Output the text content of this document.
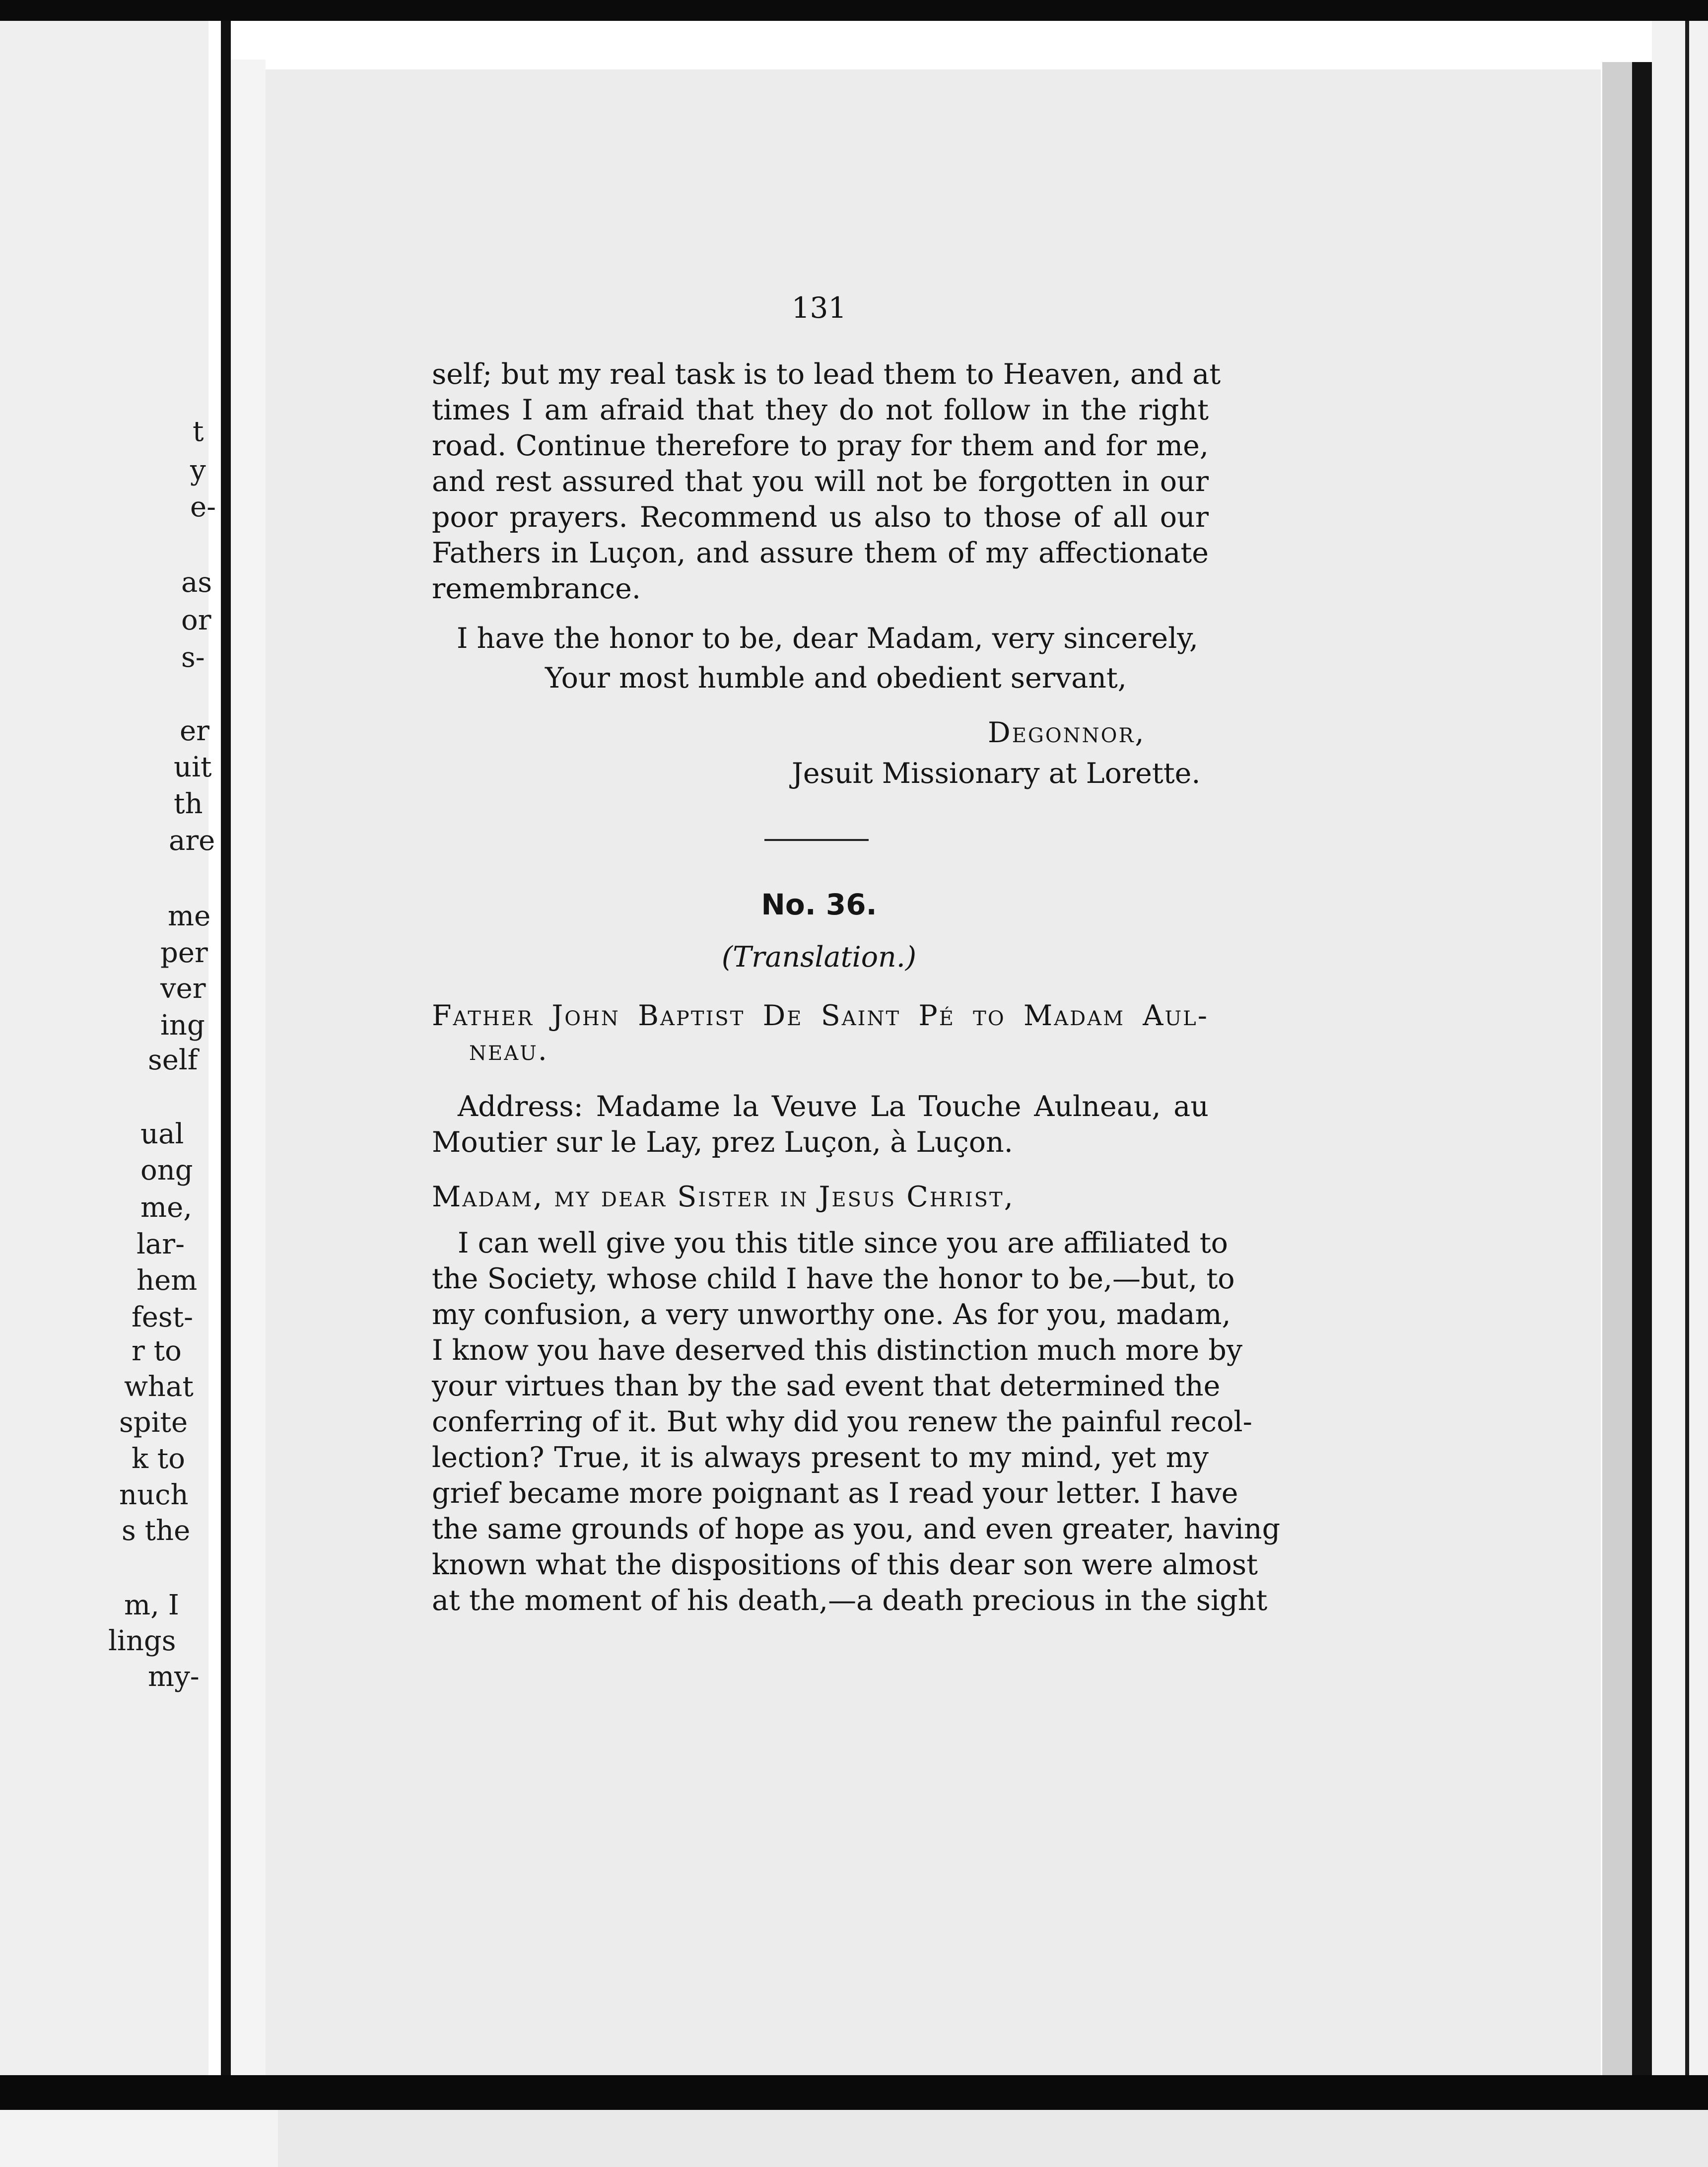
t
y
e-
as
or
s-
er
uit
th
are
me
per
ver
ing
self
ual
ong
me,
lar-
hem
fest-
r to
what
spite
k to
nuch
s the
m, I
lings
my-
131
self; but my real task is to lead them to Heaven, and at
times I am afraid that they do not follow in the right
road. Continue therefore to pray for them and for me,
and rest assured that you will not be forgotten in our
poor prayers. Recommend us also to those of all our
Fathers in Luçon, and assure them of my affectionate
remembrance.
I have the honor to be, dear Madam, very sincerely,
Your most humble and obedient servant,
Degonnor,
Jesuit Missionary at Lorette.
No. 36.
(Translation.)
Father John Baptist De Saint Pé to Madam Aul-
neau.
Address: Madame la Veuve La Touche Aulneau, au
Moutier sur le Lay, prez Luçon, à Luçon.
Madam, my dear Sister in Jesus Christ,
I can well give you this title since you are affiliated to
the Society, whose child I have the honor to be,—but, to
my confusion, a very unworthy one. As for you, madam,
I know you have deserved this distinction much more by
your virtues than by the sad event that determined the
conferring of it. But why did you renew the painful recol-
lection? True, it is always present to my mind, yet my
grief became more poignant as I read your letter. I have
the same grounds of hope as you, and even greater, having
known what the dispositions of this dear son were almost
at the moment of his death,—a death precious in the sight
